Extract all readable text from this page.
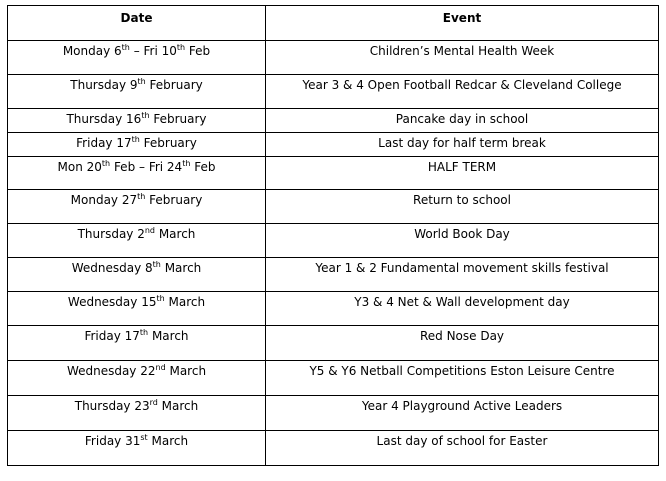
Date	Event
Monday 6th – Fri 10th Feb	Children’s Mental Health Week
Thursday 9th February	Year 3 & 4 Open Football Redcar & Cleveland College
Thursday 16th February	Pancake day in school
Friday 17th February	Last day for half term break
Mon 20th Feb – Fri 24th Feb	HALF TERM
Monday 27th February	Return to school
Thursday 2nd March	World Book Day
Wednesday 8th March	Year 1 & 2 Fundamental movement skills festival
Wednesday 15th March	Y3 & 4 Net & Wall development day
Friday 17th March	Red Nose Day
Wednesday 22nd March	Y5 & Y6 Netball Competitions Eston Leisure Centre
Thursday 23rd March	Year 4 Playground Active Leaders
Friday 31st March	Last day of school for Easter
